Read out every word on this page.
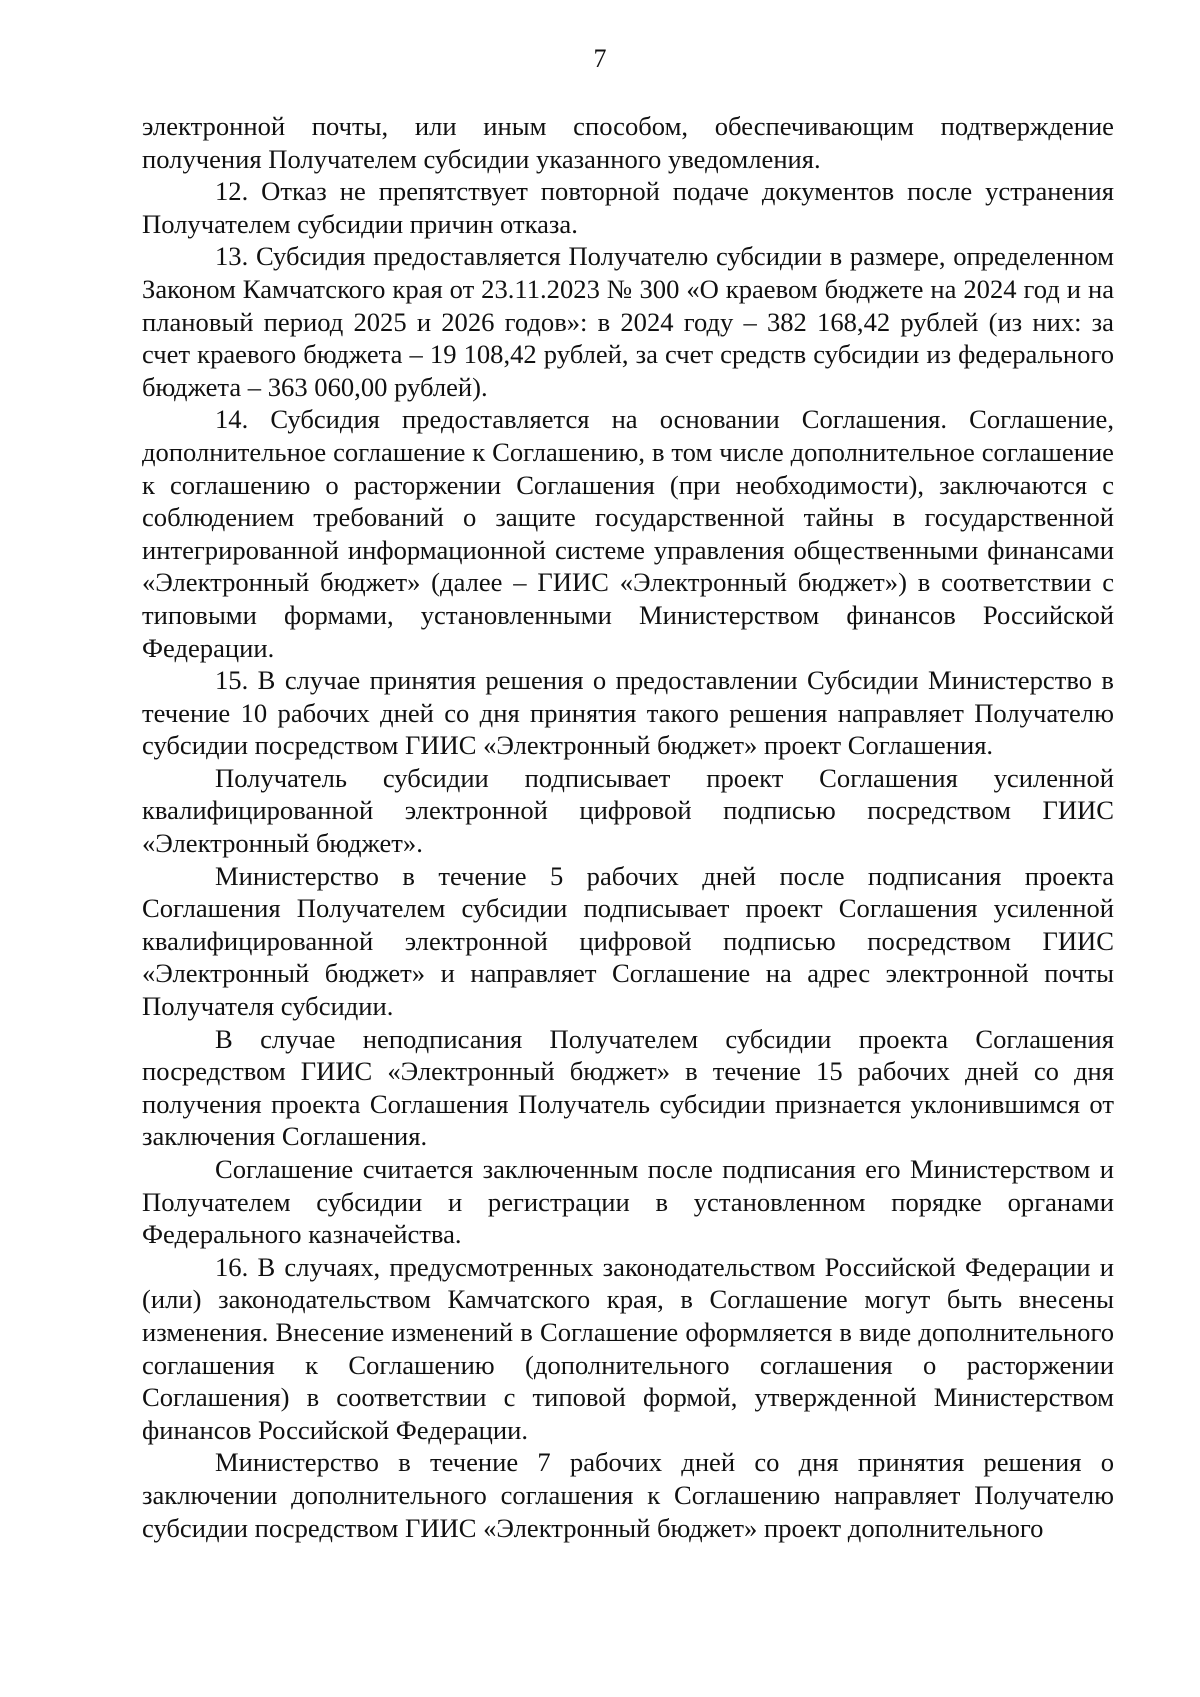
7

электронной почты, или иным способом, обеспечивающим подтверждение получения Получателем субсидии указанного уведомления.

12. Отказ не препятствует повторной подаче документов после устранения Получателем субсидии причин отказа.

13. Субсидия предоставляется Получателю субсидии в размере, определенном Законом Камчатского края от 23.11.2023 № 300 «О краевом бюджете на 2024 год и на плановый период 2025 и 2026 годов»: в 2024 году – 382 168,42 рублей (из них: за счет краевого бюджета – 19 108,42 рублей, за счет средств субсидии из федерального бюджета – 363 060,00 рублей).

14. Субсидия предоставляется на основании Соглашения. Соглашение, дополнительное соглашение к Соглашению, в том числе дополнительное соглашение к соглашению о расторжении Соглашения (при необходимости), заключаются с соблюдением требований о защите государственной тайны в государственной интегрированной информационной системе управления общественными финансами «Электронный бюджет» (далее – ГИИС «Электронный бюджет») в соответствии с типовыми формами, установленными Министерством финансов Российской Федерации.

15. В случае принятия решения о предоставлении Субсидии Министерство в течение 10 рабочих дней со дня принятия такого решения направляет Получателю субсидии посредством ГИИС «Электронный бюджет» проект Соглашения.

Получатель субсидии подписывает проект Соглашения усиленной квалифицированной электронной цифровой подписью посредством ГИИС «Электронный бюджет».

Министерство в течение 5 рабочих дней после подписания проекта Соглашения Получателем субсидии подписывает проект Соглашения усиленной квалифицированной электронной цифровой подписью посредством ГИИС «Электронный бюджет» и направляет Соглашение на адрес электронной почты Получателя субсидии.

В случае неподписания Получателем субсидии проекта Соглашения посредством ГИИС «Электронный бюджет» в течение 15 рабочих дней со дня получения проекта Соглашения Получатель субсидии признается уклонившимся от заключения Соглашения.

Соглашение считается заключенным после подписания его Министерством и Получателем субсидии и регистрации в установленном порядке органами Федерального казначейства.

16. В случаях, предусмотренных законодательством Российской Федерации и (или) законодательством Камчатского края, в Соглашение могут быть внесены изменения. Внесение изменений в Соглашение оформляется в виде дополнительного соглашения к Соглашению (дополнительного соглашения о расторжении Соглашения) в соответствии с типовой формой, утвержденной Министерством финансов Российской Федерации.

Министерство в течение 7 рабочих дней со дня принятия решения о заключении дополнительного соглашения к Соглашению направляет Получателю субсидии посредством ГИИС «Электронный бюджет» проект дополнительного
